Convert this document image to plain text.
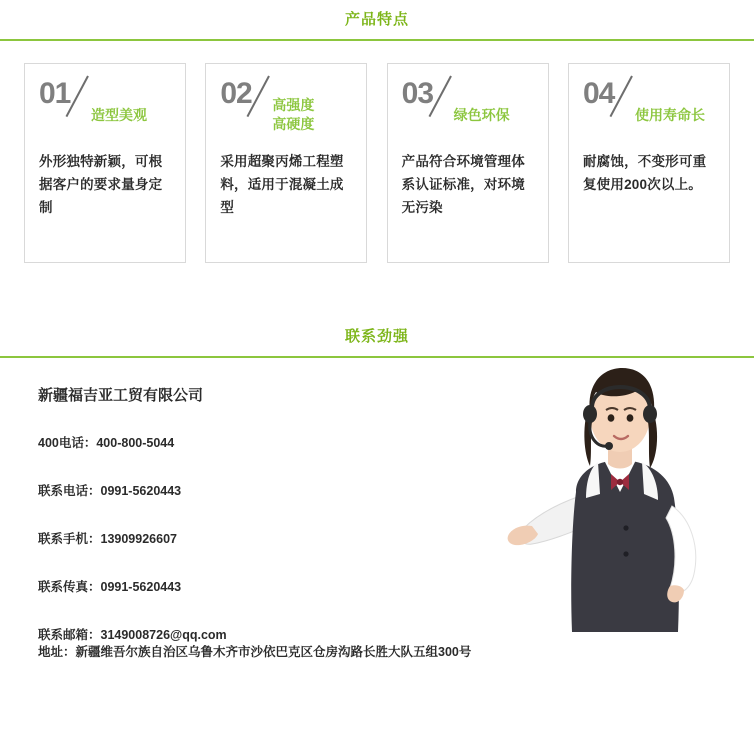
产品特点
01
造型美观
外形独特新颖，可根据客户的要求量身定制
02	高强度
高硬度
采用超聚丙烯工程塑料，适用于混凝土成型
03
绿色环保
产品符合环境管理体系认证标准，对环境无污染
04
使用寿命长
耐腐蚀，不变形可重复使用200次以上。
联系劲强
新疆福吉亚工贸有限公司
400电话：400-800-5044
联系电话：0991-5620443
联系手机：13909926607
联系传真：0991-5620443
联系邮箱：3149008726@qq.com
地址：新疆维吾尔族自治区乌鲁木齐市沙依巴克区仓房沟路长胜大队五组300号
